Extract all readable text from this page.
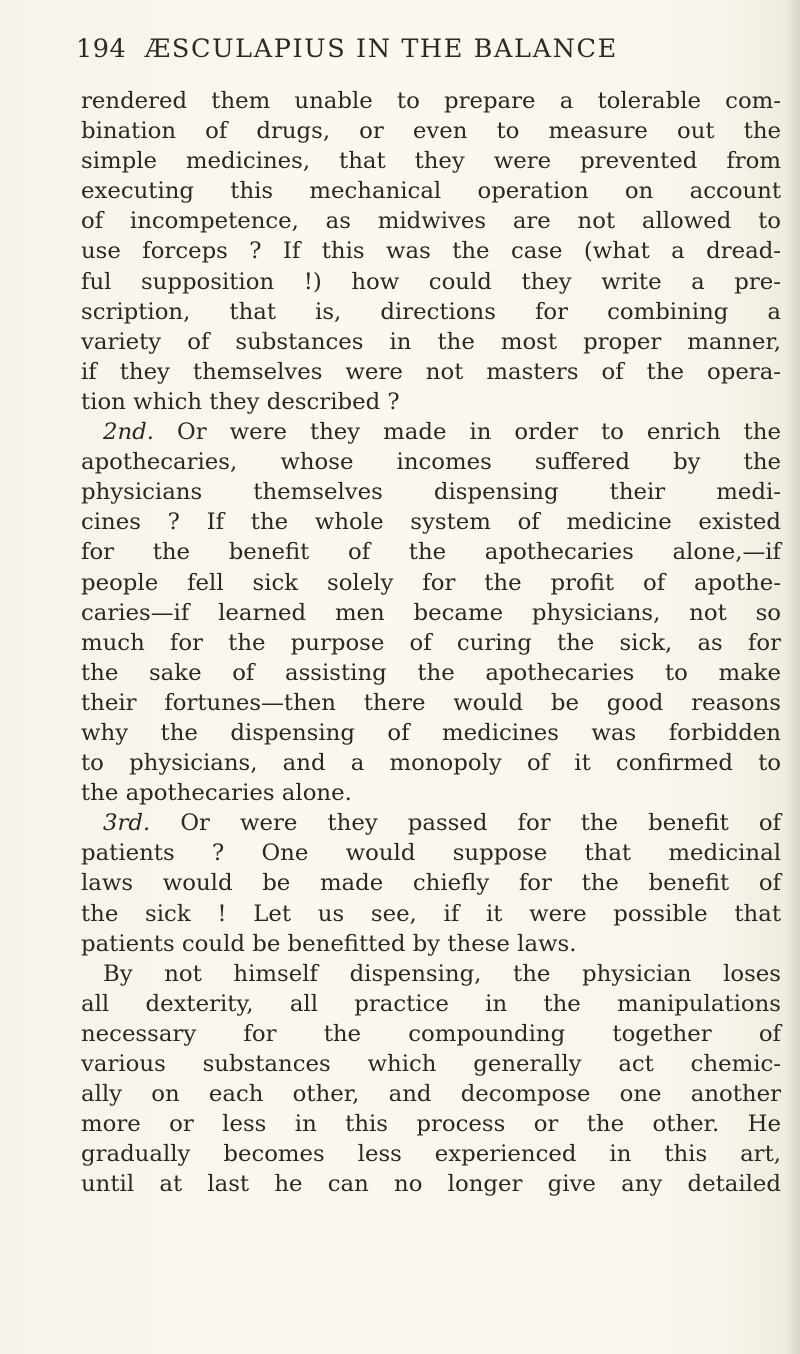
194 ÆSCULAPIUS IN THE BALANCE
rendered them unable to prepare a tolerable com-
bination of drugs, or even to measure out the
simple medicines, that they were prevented from
executing this mechanical operation on account
of incompetence, as midwives are not allowed to
use forceps ? If this was the case (what a dread-
ful supposition !) how could they write a pre-
scription, that is, directions for combining a
variety of substances in the most proper manner,
if they themselves were not masters of the opera-
tion which they described ?
2nd. Or were they made in order to enrich the
apothecaries, whose incomes suffered by the
physicians themselves dispensing their medi-
cines ? If the whole system of medicine existed
for the benefit of the apothecaries alone,—if
people fell sick solely for the profit of apothe-
caries—if learned men became physicians, not so
much for the purpose of curing the sick, as for
the sake of assisting the apothecaries to make
their fortunes—then there would be good reasons
why the dispensing of medicines was forbidden
to physicians, and a monopoly of it confirmed to
the apothecaries alone.
3rd. Or were they passed for the benefit of
patients ? One would suppose that medicinal
laws would be made chiefly for the benefit of
the sick ! Let us see, if it were possible that
patients could be benefitted by these laws.
By not himself dispensing, the physician loses
all dexterity, all practice in the manipulations
necessary for the compounding together of
various substances which generally act chemic-
ally on each other, and decompose one another
more or less in this process or the other. He
gradually becomes less experienced in this art,
until at last he can no longer give any detailed
